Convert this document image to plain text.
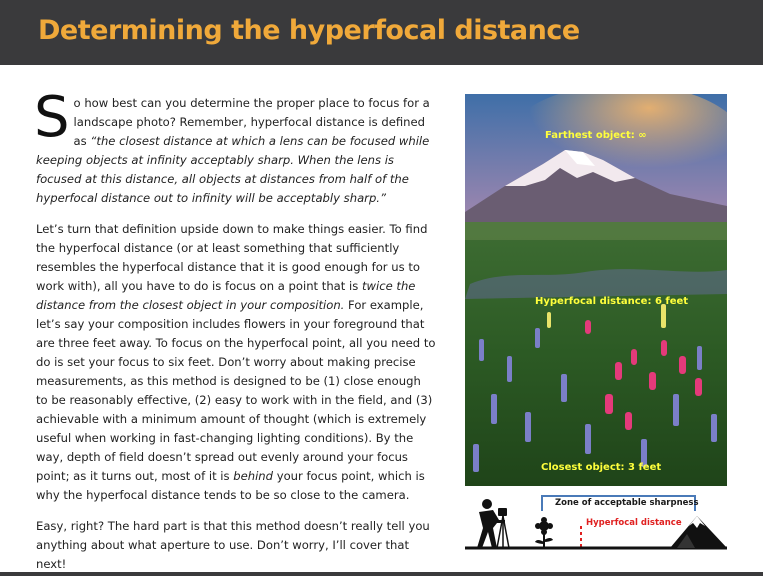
Determining the hyperfocal distance

So how best can you determine the proper place to focus for a landscape photo? Remember, hyperfocal distance is defined as “the closest distance at which a lens can be focused while keeping objects at infinity acceptably sharp. When the lens is focused at this distance, all objects at distances from half of the hyperfocal distance out to infinity will be acceptably sharp.”

Let’s turn that definition upside down to make things easier. To find the hyperfocal distance (or at least something that sufficiently resembles the hyperfocal distance that it is good enough for us to work with), all you have to do is focus on a point that is twice the distance from the closest object in your composition. For example, let’s say your composition includes flowers in your foreground that are three feet away. To focus on the hyperfocal point, all you need to do is set your focus to six feet. Don’t worry about making precise measurements, as this method is designed to be (1) close enough to be reasonably effective, (2) easy to work with in the field, and (3) achievable with a minimum amount of thought (which is extremely useful when working in fast-changing lighting conditions). By the way, depth of field doesn’t spread out evenly around your focus point; as it turns out, most of it is behind your focus point, which is why the hyperfocal distance tends to be so close to the camera.

Easy, right? The hard part is that this method doesn’t really tell you anything about what aperture to use. Don’t worry, I’ll cover that next!

Farthest object: ∞
Hyperfocal distance: 6 feet
Closest object: 3 feet
Zone of acceptable sharpness
Hyperfocal distance
